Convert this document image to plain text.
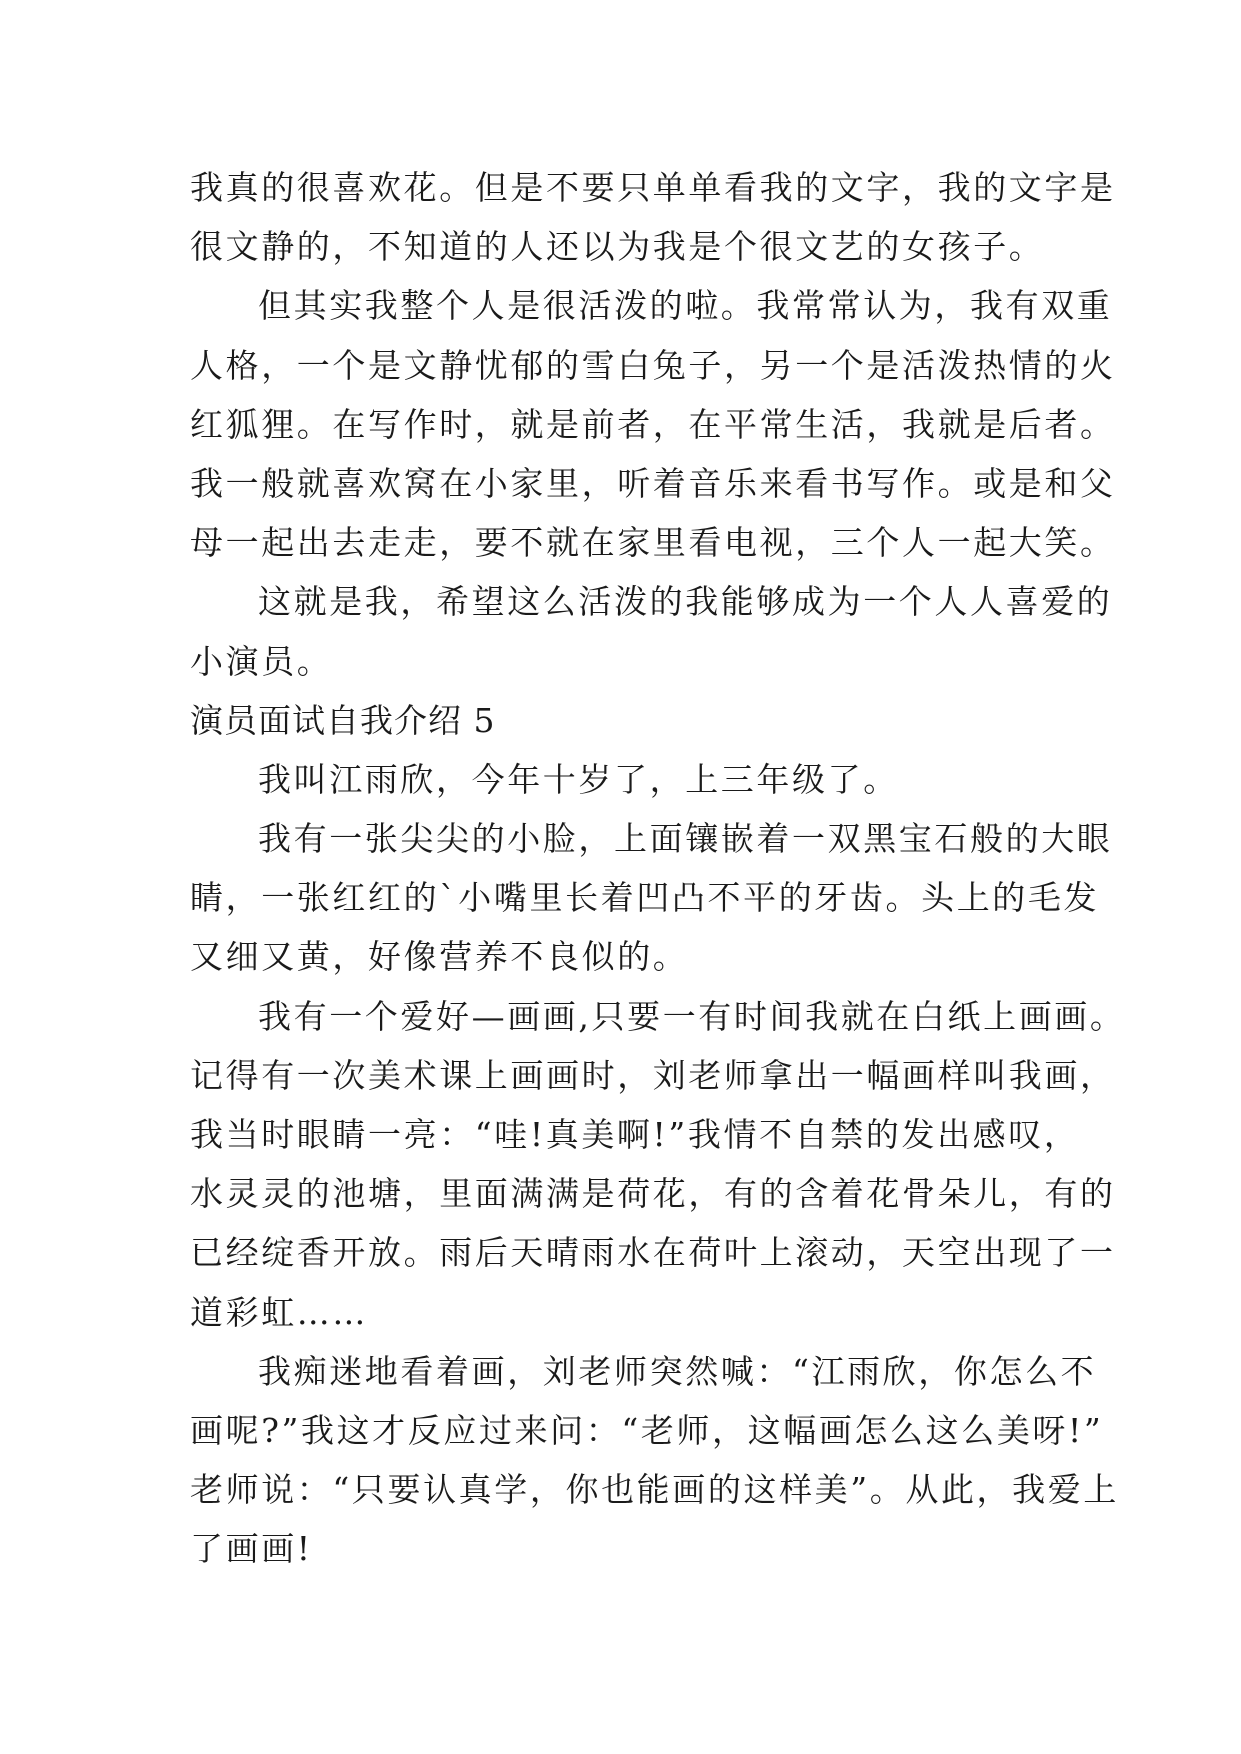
我真的很喜欢花。但是不要只单单看我的文字，我的文字是
很文静的，不知道的人还以为我是个很文艺的女孩子。
但其实我整个人是很活泼的啦。我常常认为，我有双重
人格，一个是文静忧郁的雪白兔子，另一个是活泼热情的火
红狐狸。在写作时，就是前者，在平常生活，我就是后者。
我一般就喜欢窝在小家里，听着音乐来看书写作。或是和父
母一起出去走走，要不就在家里看电视，三个人一起大笑。
这就是我，希望这么活泼的我能够成为一个人人喜爱的
小演员。
演员面试自我介绍 5
我叫江雨欣，今年十岁了，上三年级了。
我有一张尖尖的小脸，上面镶嵌着一双黑宝石般的大眼
睛，一张红红的`小嘴里长着凹凸不平的牙齿。头上的毛发
又细又黄，好像营养不良似的。
我有一个爱好—画画,只要一有时间我就在白纸上画画。
记得有一次美术课上画画时，刘老师拿出一幅画样叫我画，
我当时眼睛一亮：“哇!真美啊!”我情不自禁的发出感叹，
水灵灵的池塘，里面满满是荷花，有的含着花骨朵儿，有的
已经绽香开放。雨后天晴雨水在荷叶上滚动，天空出现了一
道彩虹……
我痴迷地看着画，刘老师突然喊：“江雨欣，你怎么不
画呢?”我这才反应过来问：“老师，这幅画怎么这么美呀!”
老师说：“只要认真学，你也能画的这样美”。从此，我爱上
了画画!
